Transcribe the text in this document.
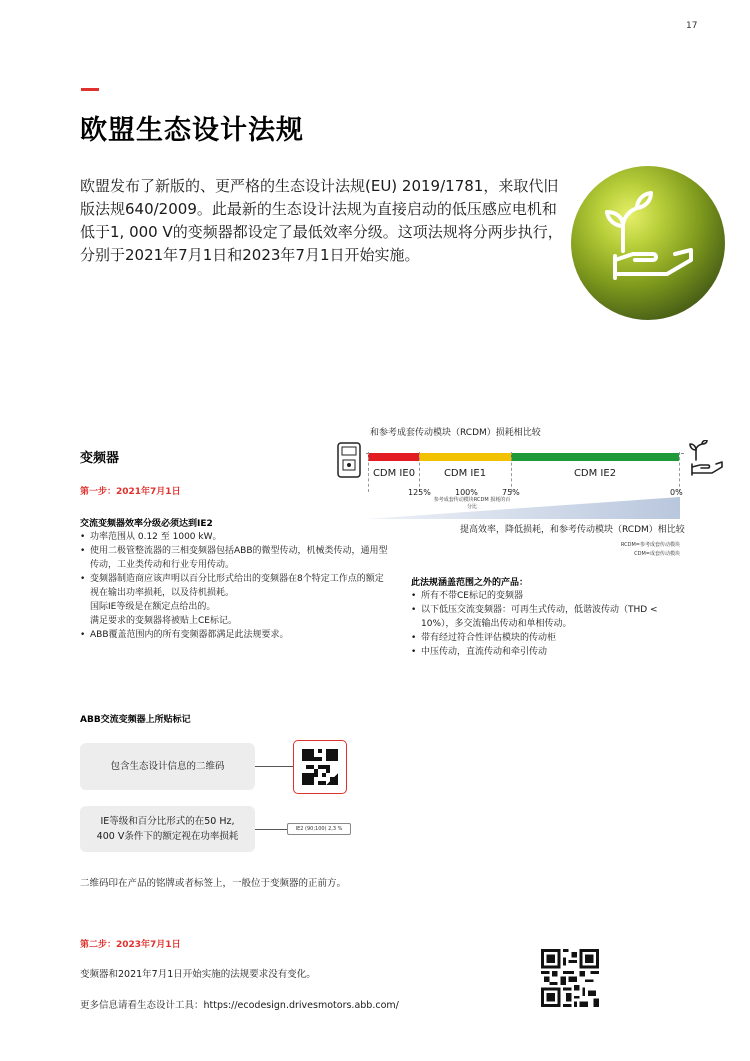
17
欧盟生态设计法规

欧盟发布了新版的、更严格的生态设计法规(EU) 2019/1781，来取代旧版法规640/2009。此最新的生态设计法规为直接启动的低压感应电机和低于1, 000 V的变频器都设定了最低效率分级。这项法规将分两步执行，分别于2021年7月1日和2023年7月1日开始实施。

和参考成套传动模块（RCDM）损耗相比较
CDM IE0	CDM IE1	CDM IE2
125%	100%	75%	0%
参考成套传动模块RCDM 损耗的百分比
提高效率，降低损耗，和参考传动模块（RCDM）相比较
RCDM=参考成套传动模块
CDM=成套传动模块
变频器
第一步：2021年7月1日
交流变频器效率分级必须达到IE2
• 功率范围从 0.12 至 1000 kW。
• 使用二极管整流器的三相变频器包括ABB的微型传动，机械类传动，通用型传动，工业类传动和行业专用传动。
• 变频器制造商应该声明以百分比形式给出的变频器在8个特定工作点的额定视在输出功率损耗，以及待机损耗。
国际IE等级是在额定点给出的。
满足要求的变频器将被贴上CE标记。
• ABB覆盖范围内的所有变频器都满足此法规要求。
此法规涵盖范围之外的产品：
• 所有不带CE标记的变频器
• 以下低压交流变频器：可再生式传动，低谐波传动（THD < 10%），多交流输出传动和单相传动。
• 带有经过符合性评估模块的传动柜
• 中压传动，直流传动和牵引传动
ABB交流变频器上所贴标记
包含生态设计信息的二维码
IE等级和百分比形式的在50 Hz,
400 V条件下的额定视在功率损耗
IE2 (90;100) 2,3 %

二维码印在产品的铭牌或者标签上，一般位于变频器的正前方。

第二步：2023年7月1日

变频器和2021年7月1日开始实施的法规要求没有变化。

更多信息请看生态设计工具：https://ecodesign.drivesmotors.abb.com/
